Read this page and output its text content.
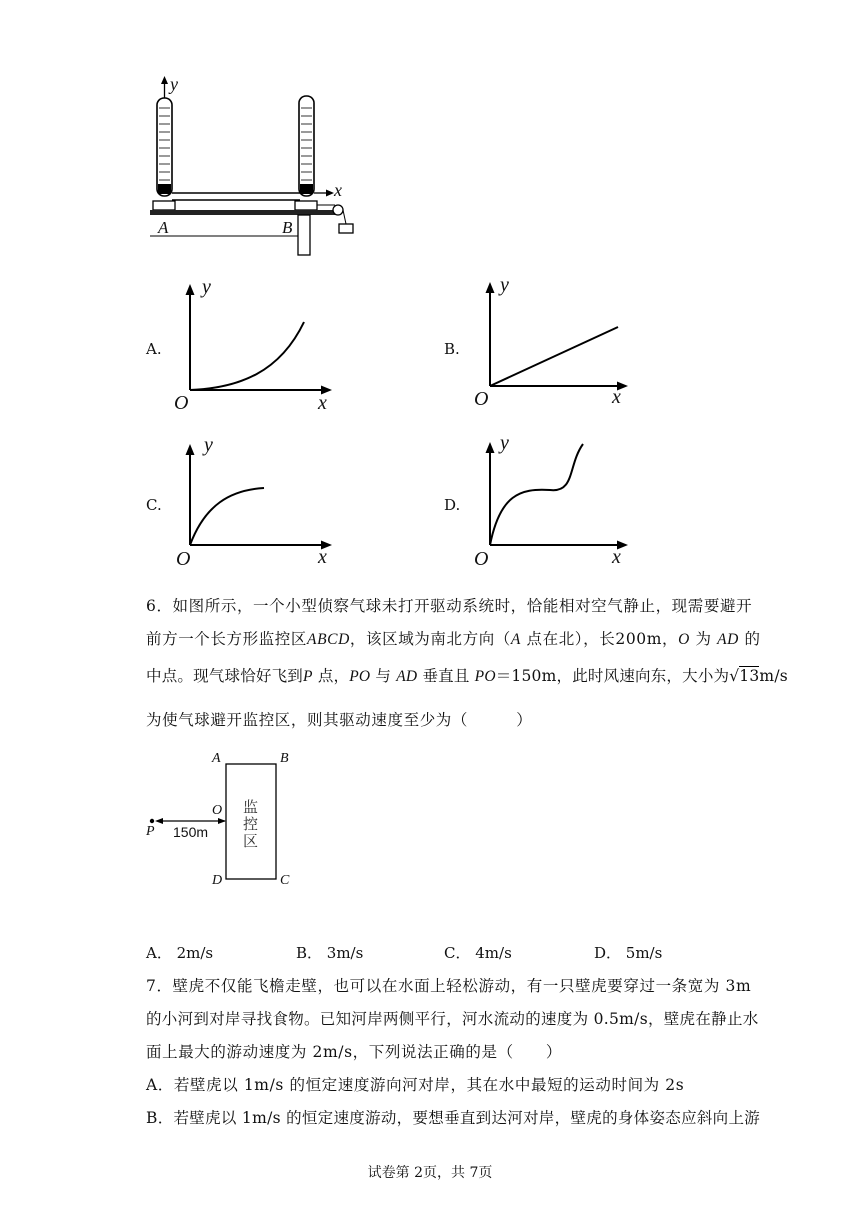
y
x
A	B
A.
y
x
O
B.
y
x
O
C.
y
x
O
D.
y
x
O
6．如图所示，一个小型侦察气球未打开驱动系统时，恰能相对空气静止，现需要避开
前方一个长方形监控区ABCD，该区域为南北方向（A 点在北），长200m，O 为 AD 的
中点。现气球恰好飞到P 点，PO 与 AD 垂直且 PO＝150m，此时风速向东，大小为√13m/s
为使气球避开监控区，则其驱动速度至少为（　　　）
A	B
D	C
O
P 150m
监
控
区
A． 2m/s	B． 3m/s	C． 4m/s	D． 5m/s
7．壁虎不仅能飞檐走壁，也可以在水面上轻松游动，有一只壁虎要穿过一条宽为 3m
的小河到对岸寻找食物。已知河岸两侧平行，河水流动的速度为 0.5m/s，壁虎在静止水
面上最大的游动速度为 2m/s，下列说法正确的是（　　）
A．若壁虎以 1m/s 的恒定速度游向河对岸，其在水中最短的运动时间为 2s
B．若壁虎以 1m/s 的恒定速度游动，要想垂直到达河对岸，壁虎的身体姿态应斜向上游
试卷第 2页，共 7页
